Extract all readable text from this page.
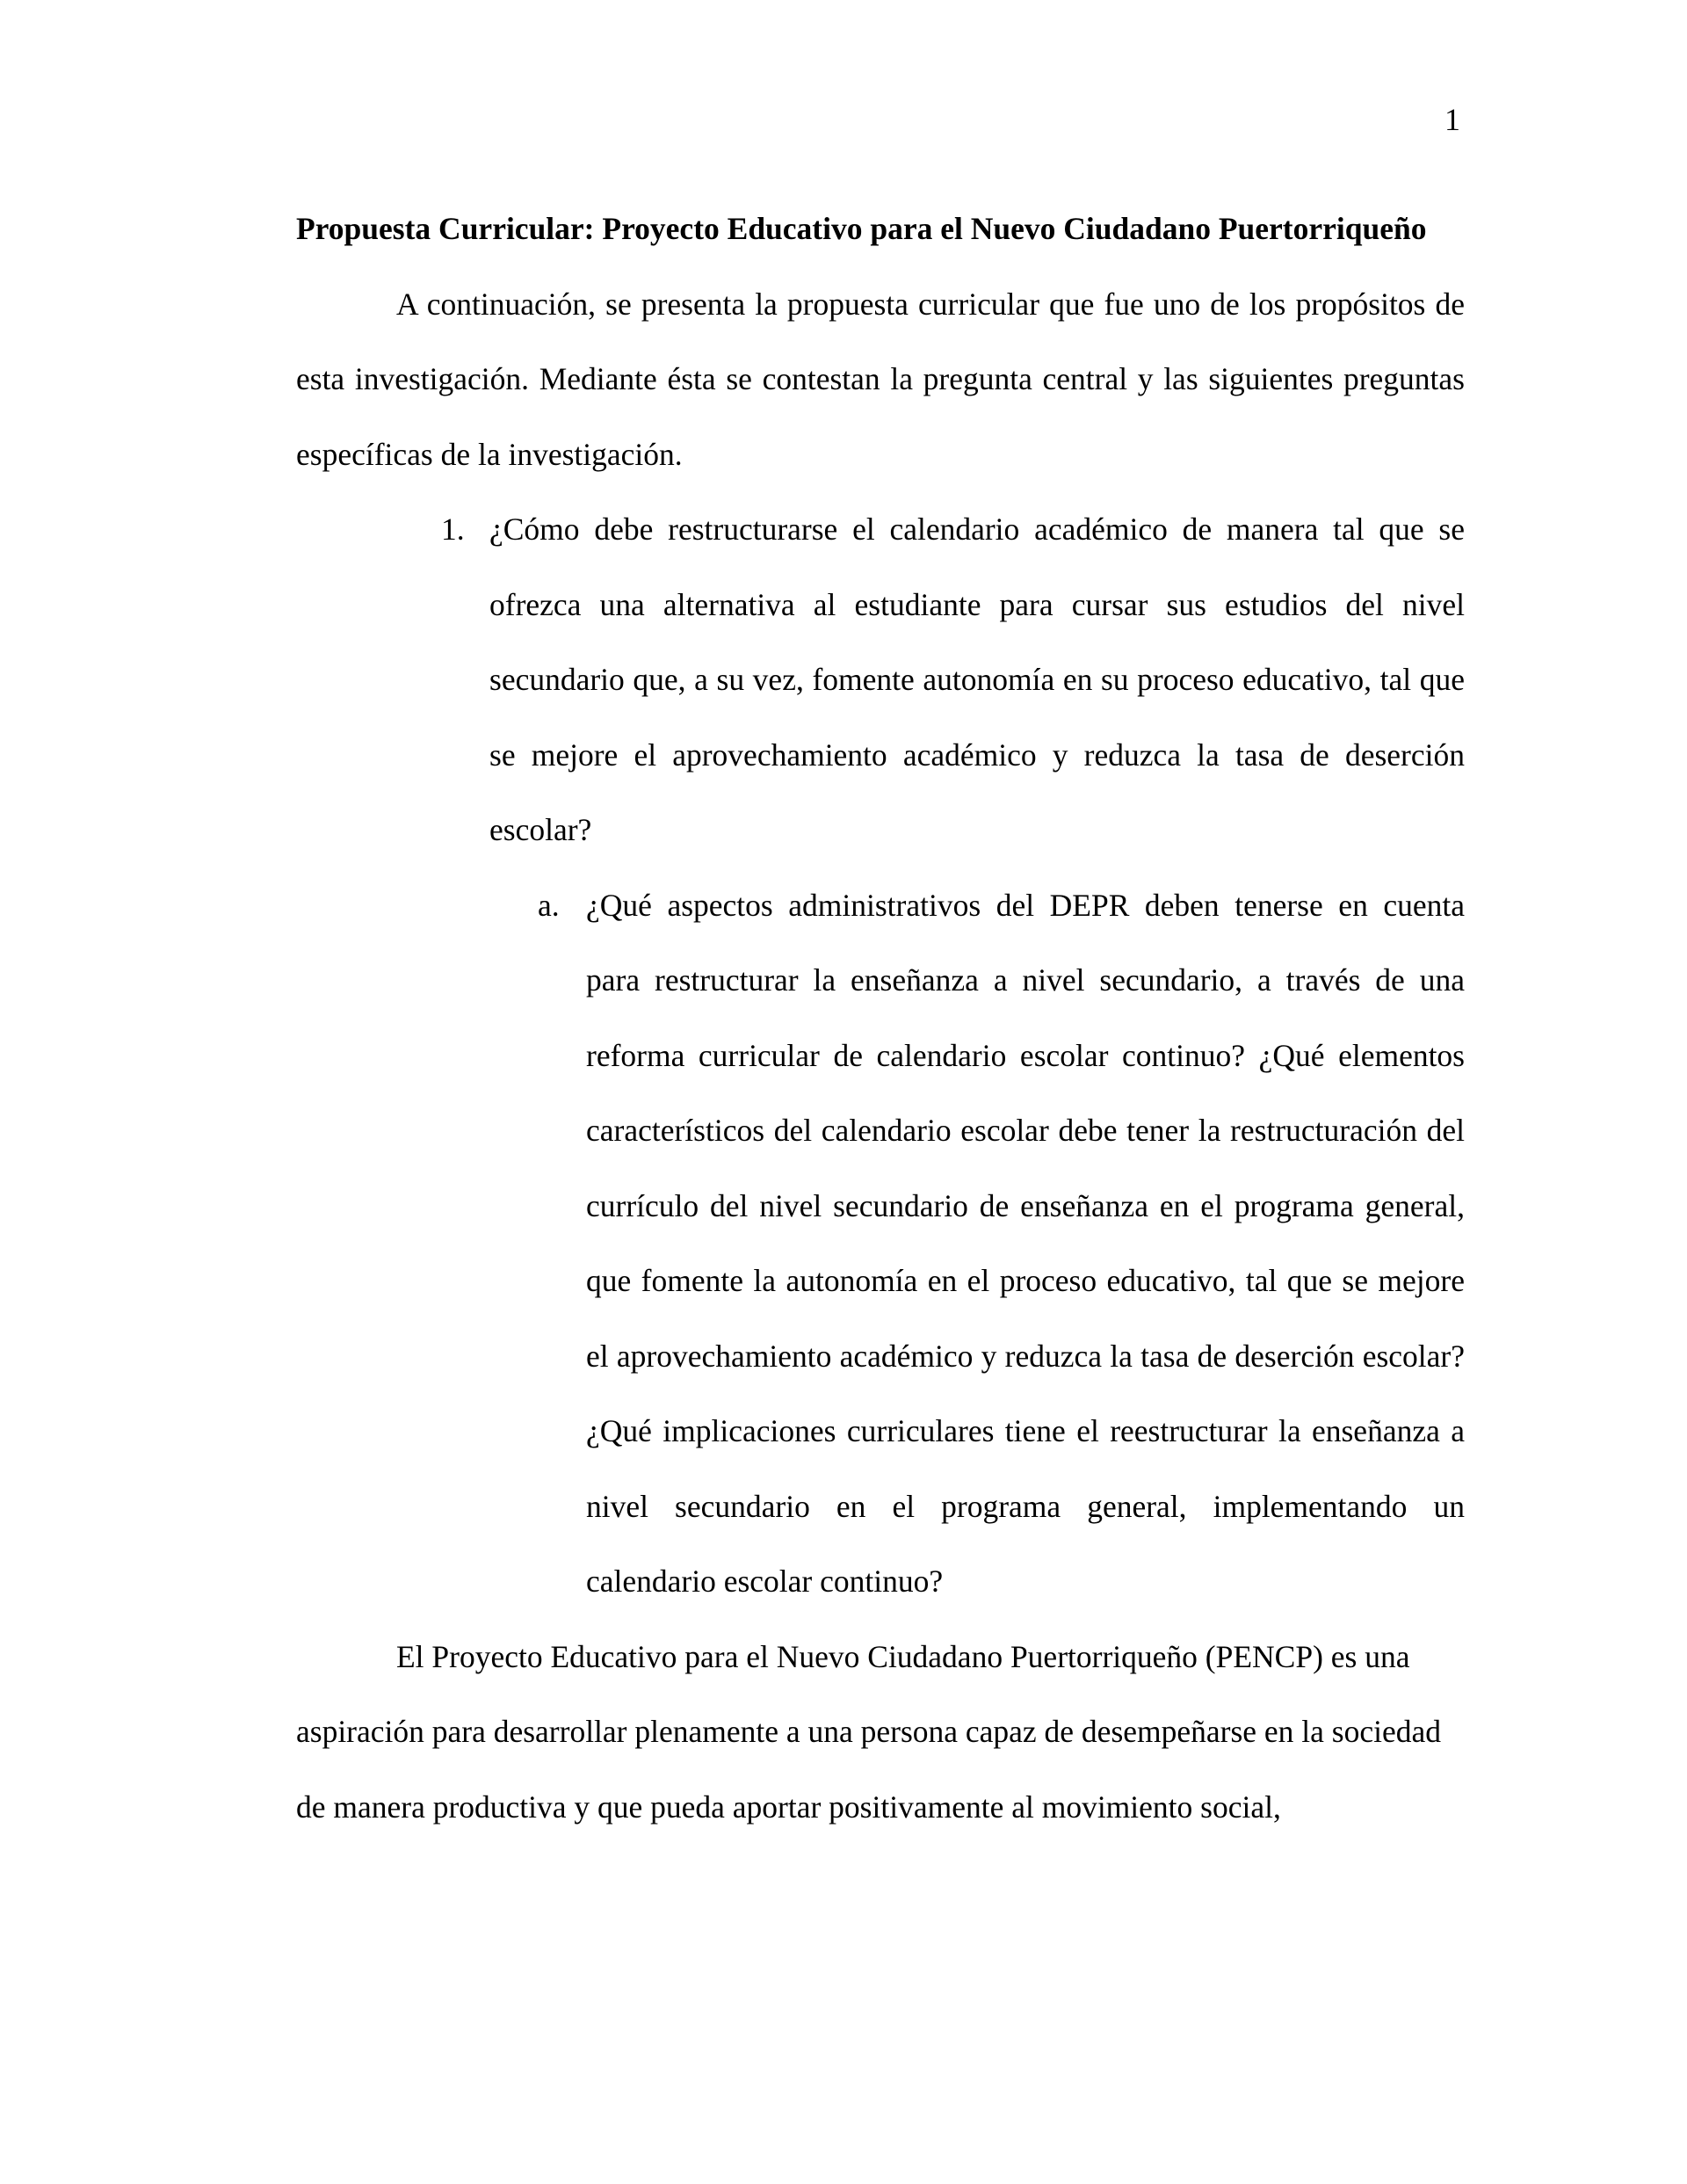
1
Propuesta Curricular: Proyecto Educativo para el Nuevo Ciudadano Puertorriqueño

A continuación, se presenta la propuesta curricular que fue uno de los propósitos de esta investigación. Mediante ésta se contestan la pregunta central y las siguientes preguntas específicas de la investigación.

1. ¿Cómo debe restructurarse el calendario académico de manera tal que se ofrezca una alternativa al estudiante para cursar sus estudios del nivel secundario que, a su vez, fomente autonomía en su proceso educativo, tal que se mejore el aprovechamiento académico y reduzca la tasa de deserción escolar?
a. ¿Qué aspectos administrativos del DEPR deben tenerse en cuenta para restructurar la enseñanza a nivel secundario, a través de una reforma curricular de calendario escolar continuo? ¿Qué elementos característicos del calendario escolar debe tener la restructuración del currículo del nivel secundario de enseñanza en el programa general, que fomente la autonomía en el proceso educativo, tal que se mejore el aprovechamiento académico y reduzca la tasa de deserción escolar? ¿Qué implicaciones curriculares tiene el reestructurar la enseñanza a nivel secundario en el programa general, implementando un calendario escolar continuo?

El Proyecto Educativo para el Nuevo Ciudadano Puertorriqueño (PENCP) es una aspiración para desarrollar plenamente a una persona capaz de desempeñarse en la sociedad de manera productiva y que pueda aportar positivamente al movimiento social,
